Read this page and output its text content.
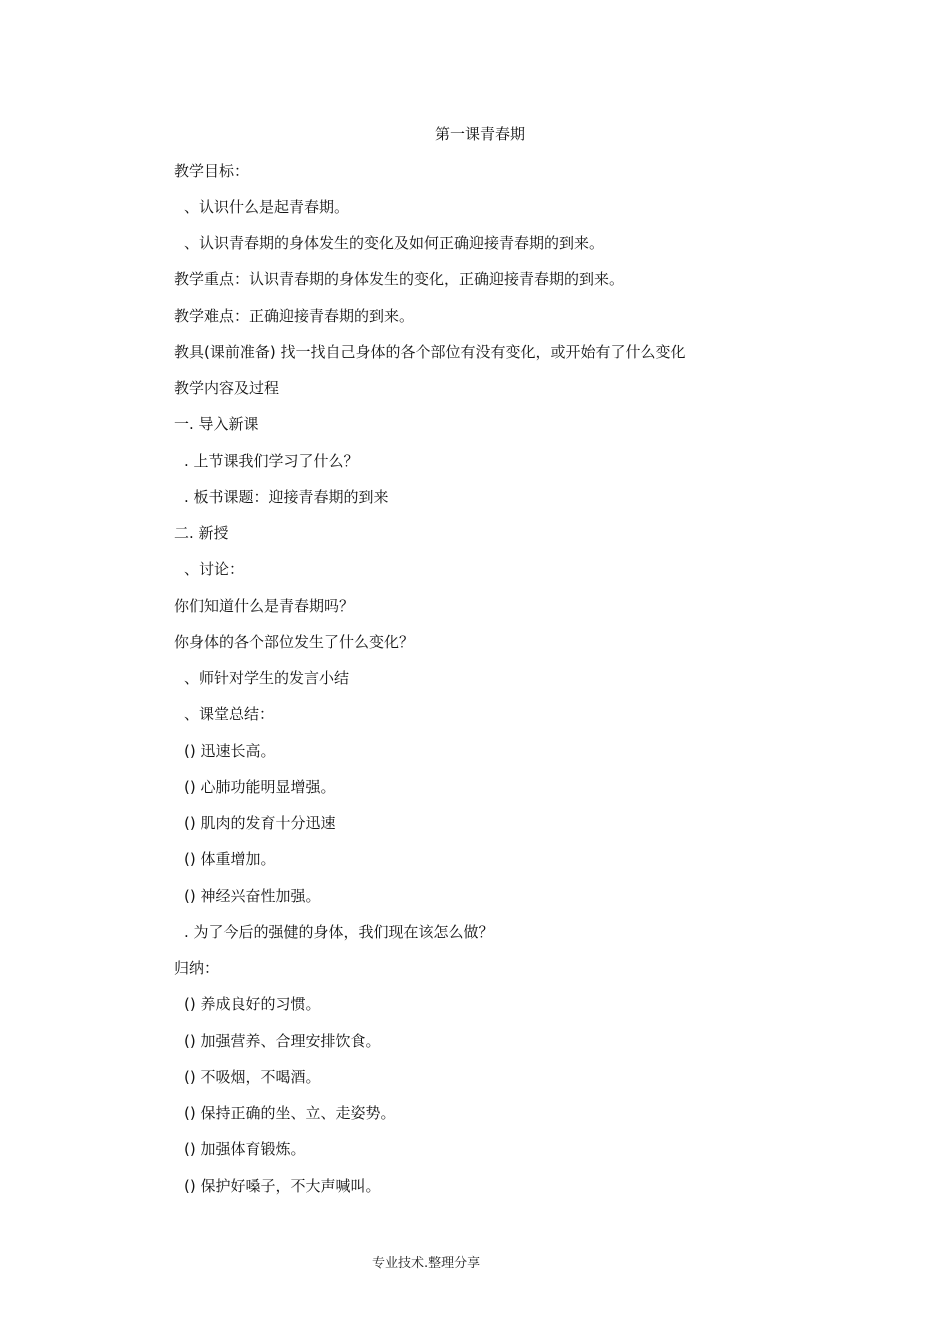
第一课青春期
教学目标：
、认识什么是起青春期。
、认识青春期的身体发生的变化及如何正确迎接青春期的到来。
教学重点：认识青春期的身体发生的变化，正确迎接青春期的到来。
教学难点：正确迎接青春期的到来。
教具(课前准备) 找一找自己身体的各个部位有没有变化，或开始有了什么变化
教学内容及过程
一. 导入新课
. 上节课我们学习了什么？
. 板书课题：迎接青春期的到来
二. 新授
、讨论：
你们知道什么是青春期吗？
你身体的各个部位发生了什么变化？
、师针对学生的发言小结
、课堂总结：
() 迅速长高。
() 心肺功能明显增强。
() 肌肉的发育十分迅速
() 体重增加。
() 神经兴奋性加强。
. 为了今后的强健的身体，我们现在该怎么做？
归纳：
() 养成良好的习惯。
() 加强营养、合理安排饮食。
() 不吸烟，不喝酒。
() 保持正确的坐、立、走姿势。
() 加强体育锻炼。
() 保护好嗓子，不大声喊叫。
专业技术.整理分享
